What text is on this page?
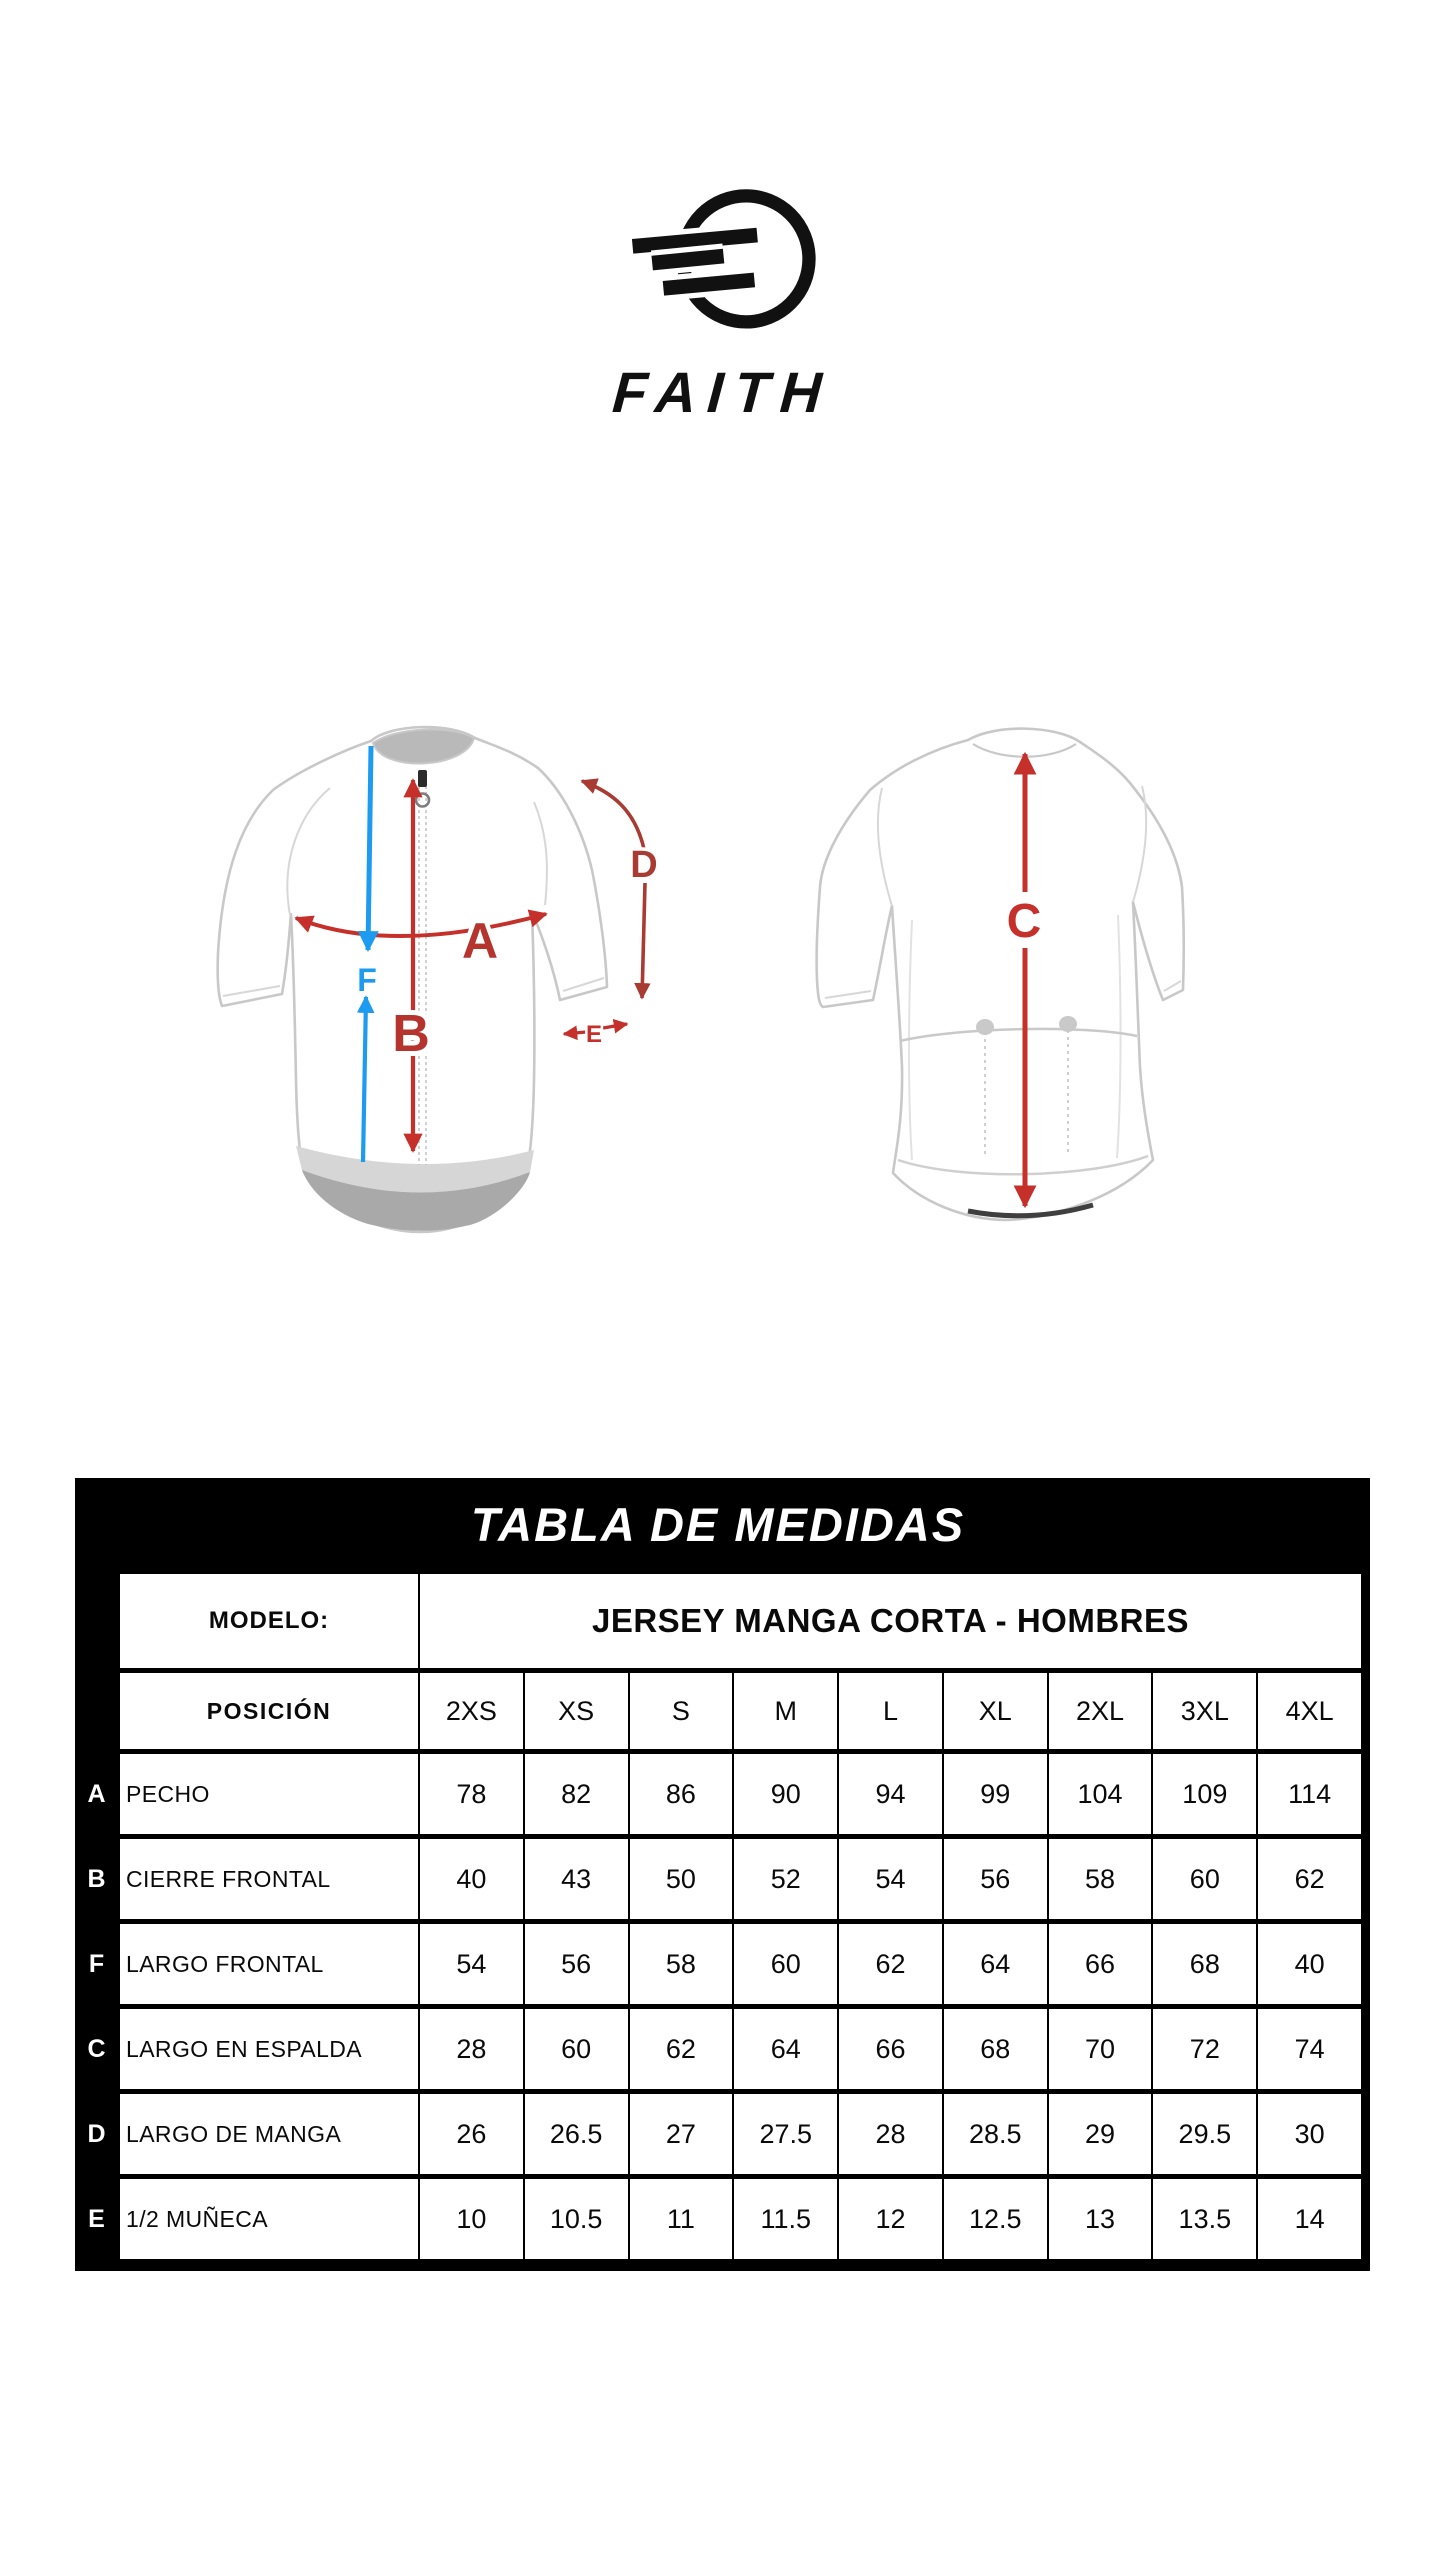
FAITH
A
B
F
D
E
C
TABLA DE MEDIDAS
MODELO:	JERSEY MANGA CORTA - HOMBRES
POSICIÓN	2XS	XS	S	M	L	XL	2XL	3XL	4XL
A PECHO	78	82	86	90	94	99	104	109	114
B CIERRE FRONTAL	40	43	50	52	54	56	58	60	62
F LARGO FRONTAL	54	56	58	60	62	64	66	68	40
C LARGO EN ESPALDA	28	60	62	64	66	68	70	72	74
D LARGO DE MANGA	26	26.5	27	27.5	28	28.5	29	29.5	30
E 1/2 MUÑECA	10	10.5	11	11.5	12	12.5	13	13.5	14
